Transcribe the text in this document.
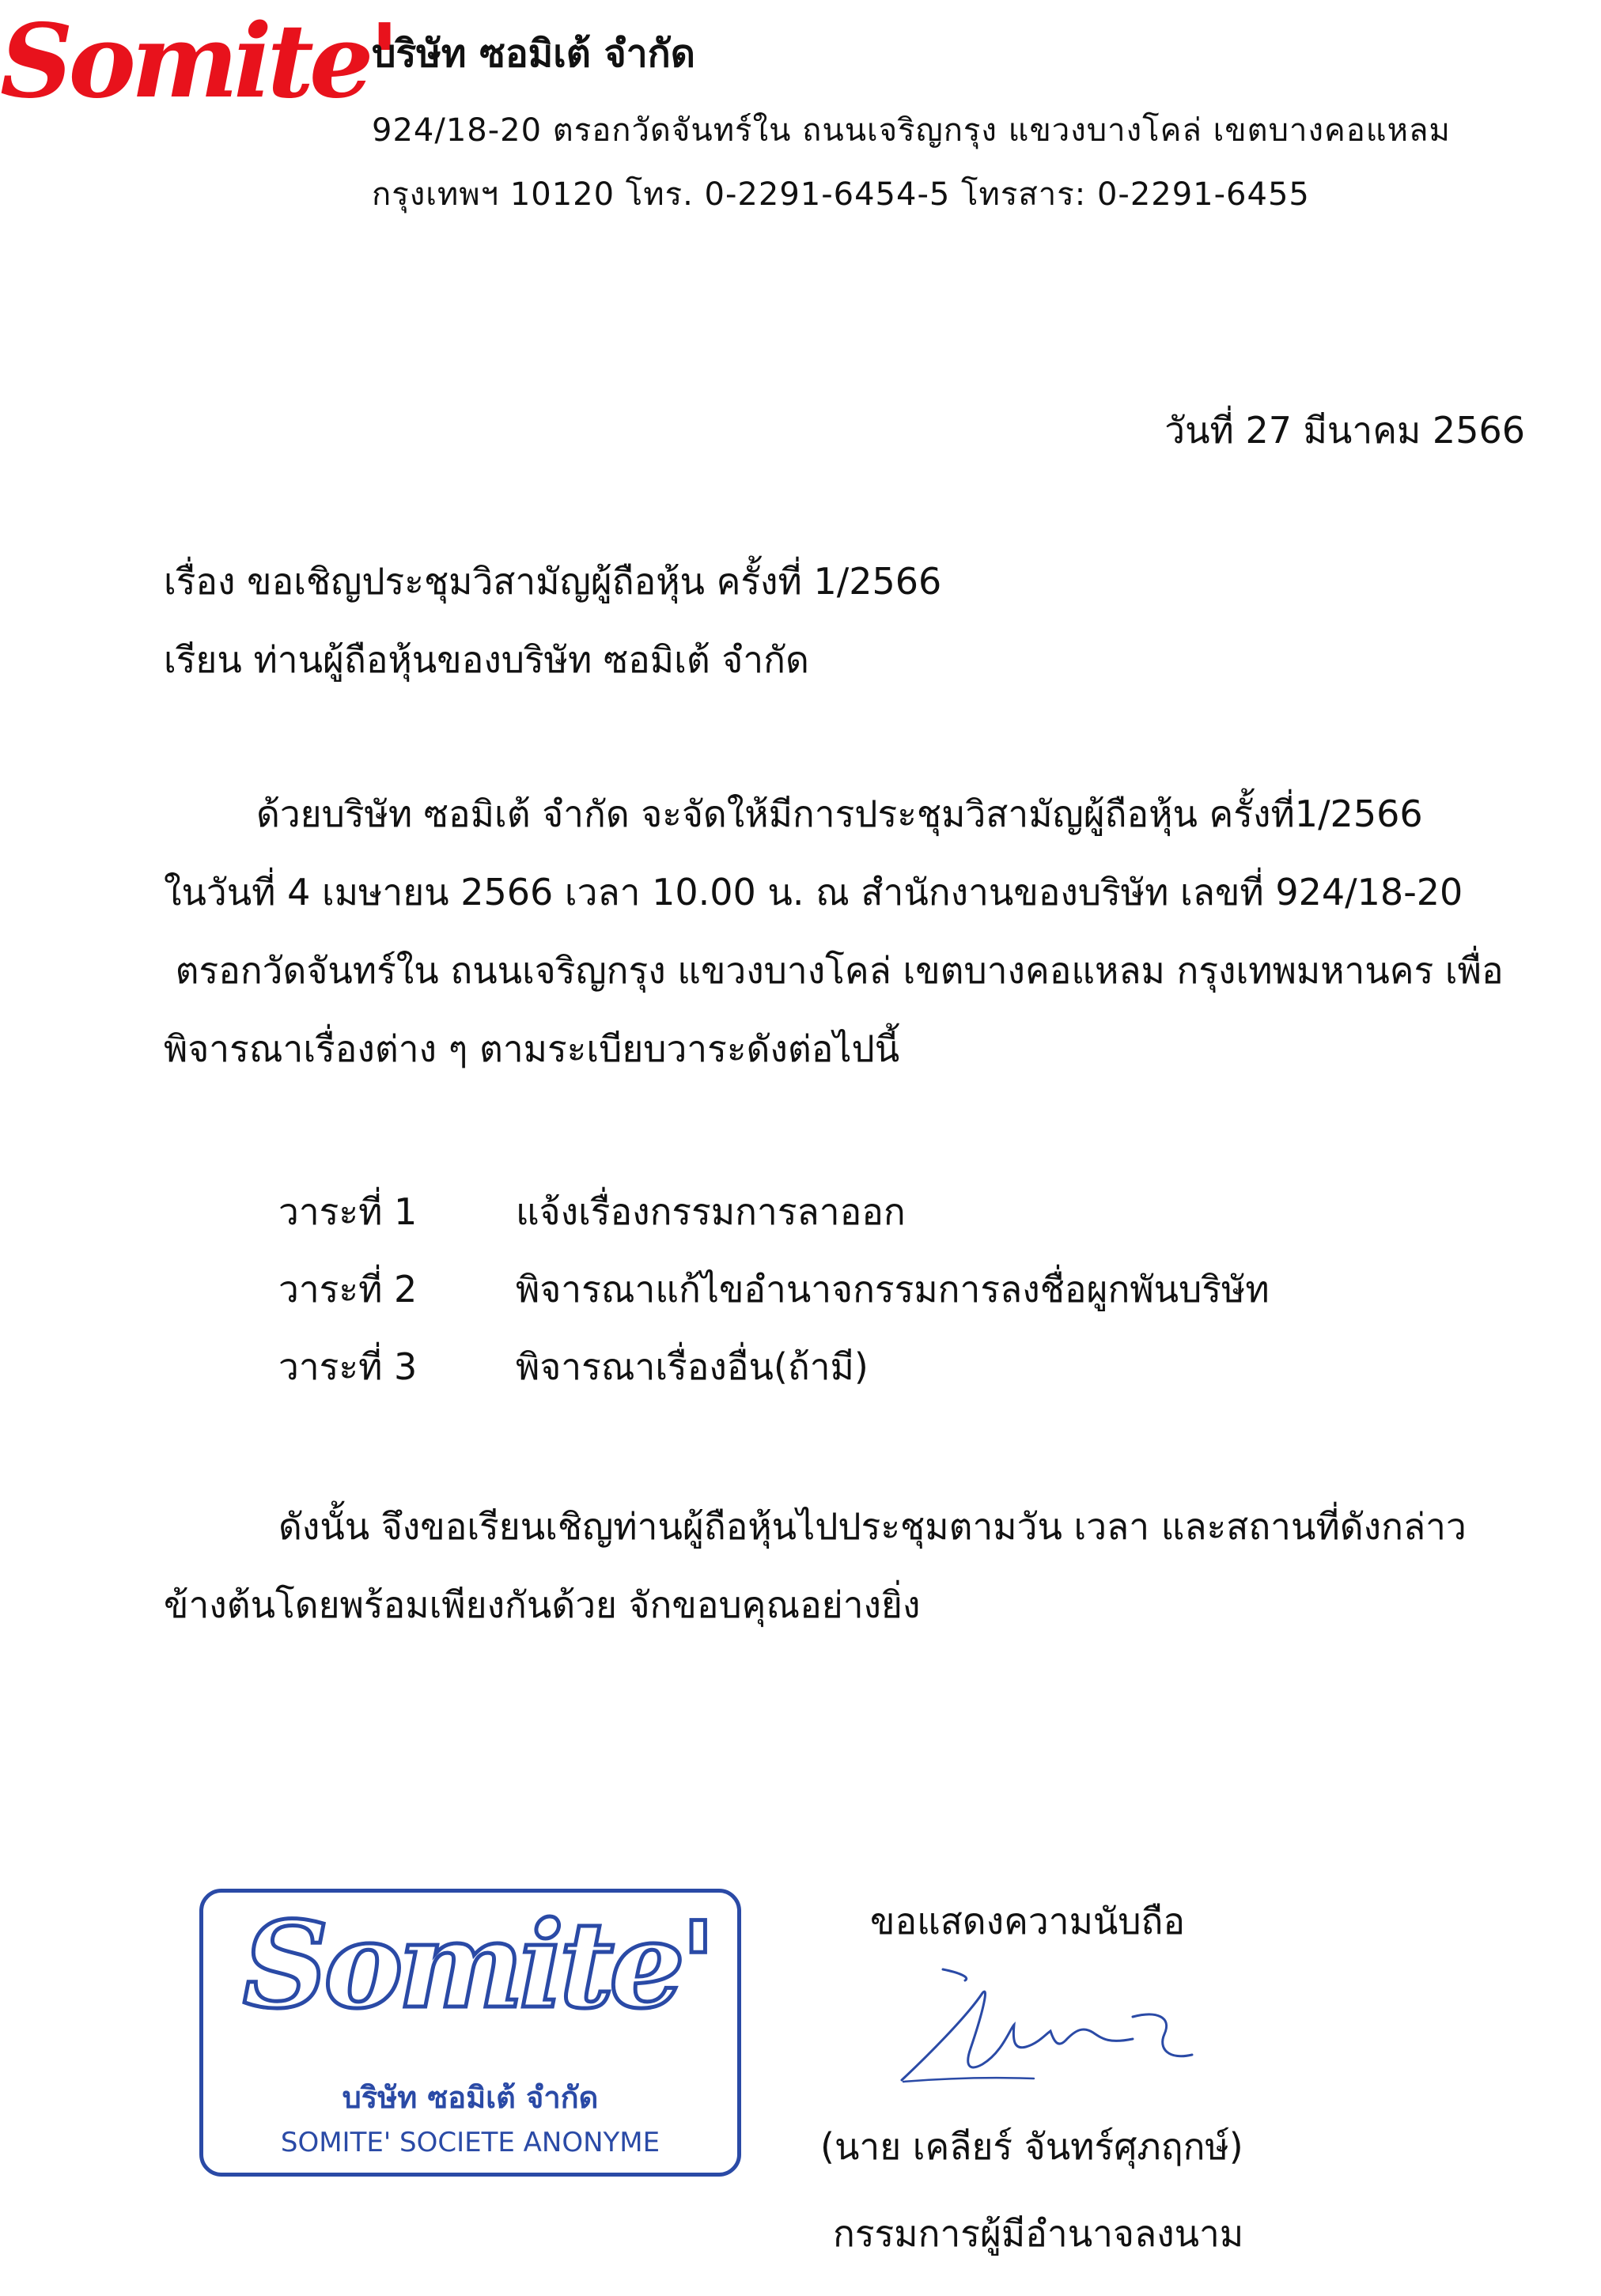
Somite'
บริษัท ซอมิเต้ จำกัด
924/18-20 ตรอกวัดจันทร์ใน ถนนเจริญกรุง แขวงบางโคล่ เขตบางคอแหลม
กรุงเทพฯ 10120 โทร. 0-2291-6454-5 โทรสาร: 0-2291-6455
วันที่ 27 มีนาคม 2566
เรื่อง ขอเชิญประชุมวิสามัญผู้ถือหุ้น ครั้งที่ 1/2566
เรียน ท่านผู้ถือหุ้นของบริษัท ซอมิเต้ จำกัด
ด้วยบริษัท ซอมิเต้ จำกัด จะจัดให้มีการประชุมวิสามัญผู้ถือหุ้น ครั้งที่1/2566
ในวันที่ 4 เมษายน 2566 เวลา 10.00 น. ณ สำนักงานของบริษัท เลขที่ 924/18-20
ตรอกวัดจันทร์ใน ถนนเจริญกรุง แขวงบางโคล่ เขตบางคอแหลม กรุงเทพมหานคร เพื่อ
พิจารณาเรื่องต่าง ๆ ตามระเบียบวาระดังต่อไปนี้
วาระที่ 1	แจ้งเรื่องกรรมการลาออก
วาระที่ 2	พิจารณาแก้ไขอำนาจกรรมการลงชื่อผูกพันบริษัท
วาระที่ 3	พิจารณาเรื่องอื่น(ถ้ามี)
ดังนั้น จึงขอเรียนเชิญท่านผู้ถือหุ้นไปประชุมตามวัน เวลา และสถานที่ดังกล่าว
ข้างต้นโดยพร้อมเพียงกันด้วย จักขอบคุณอย่างยิ่ง
Somite'
บริษัท ซอมิเต้ จำกัด
SOMITE' SOCIETE ANONYME
ขอแสดงความนับถือ
(นาย เคลียร์ จันทร์ศุภฤกษ์)
กรรมการผู้มีอำนาจลงนาม
